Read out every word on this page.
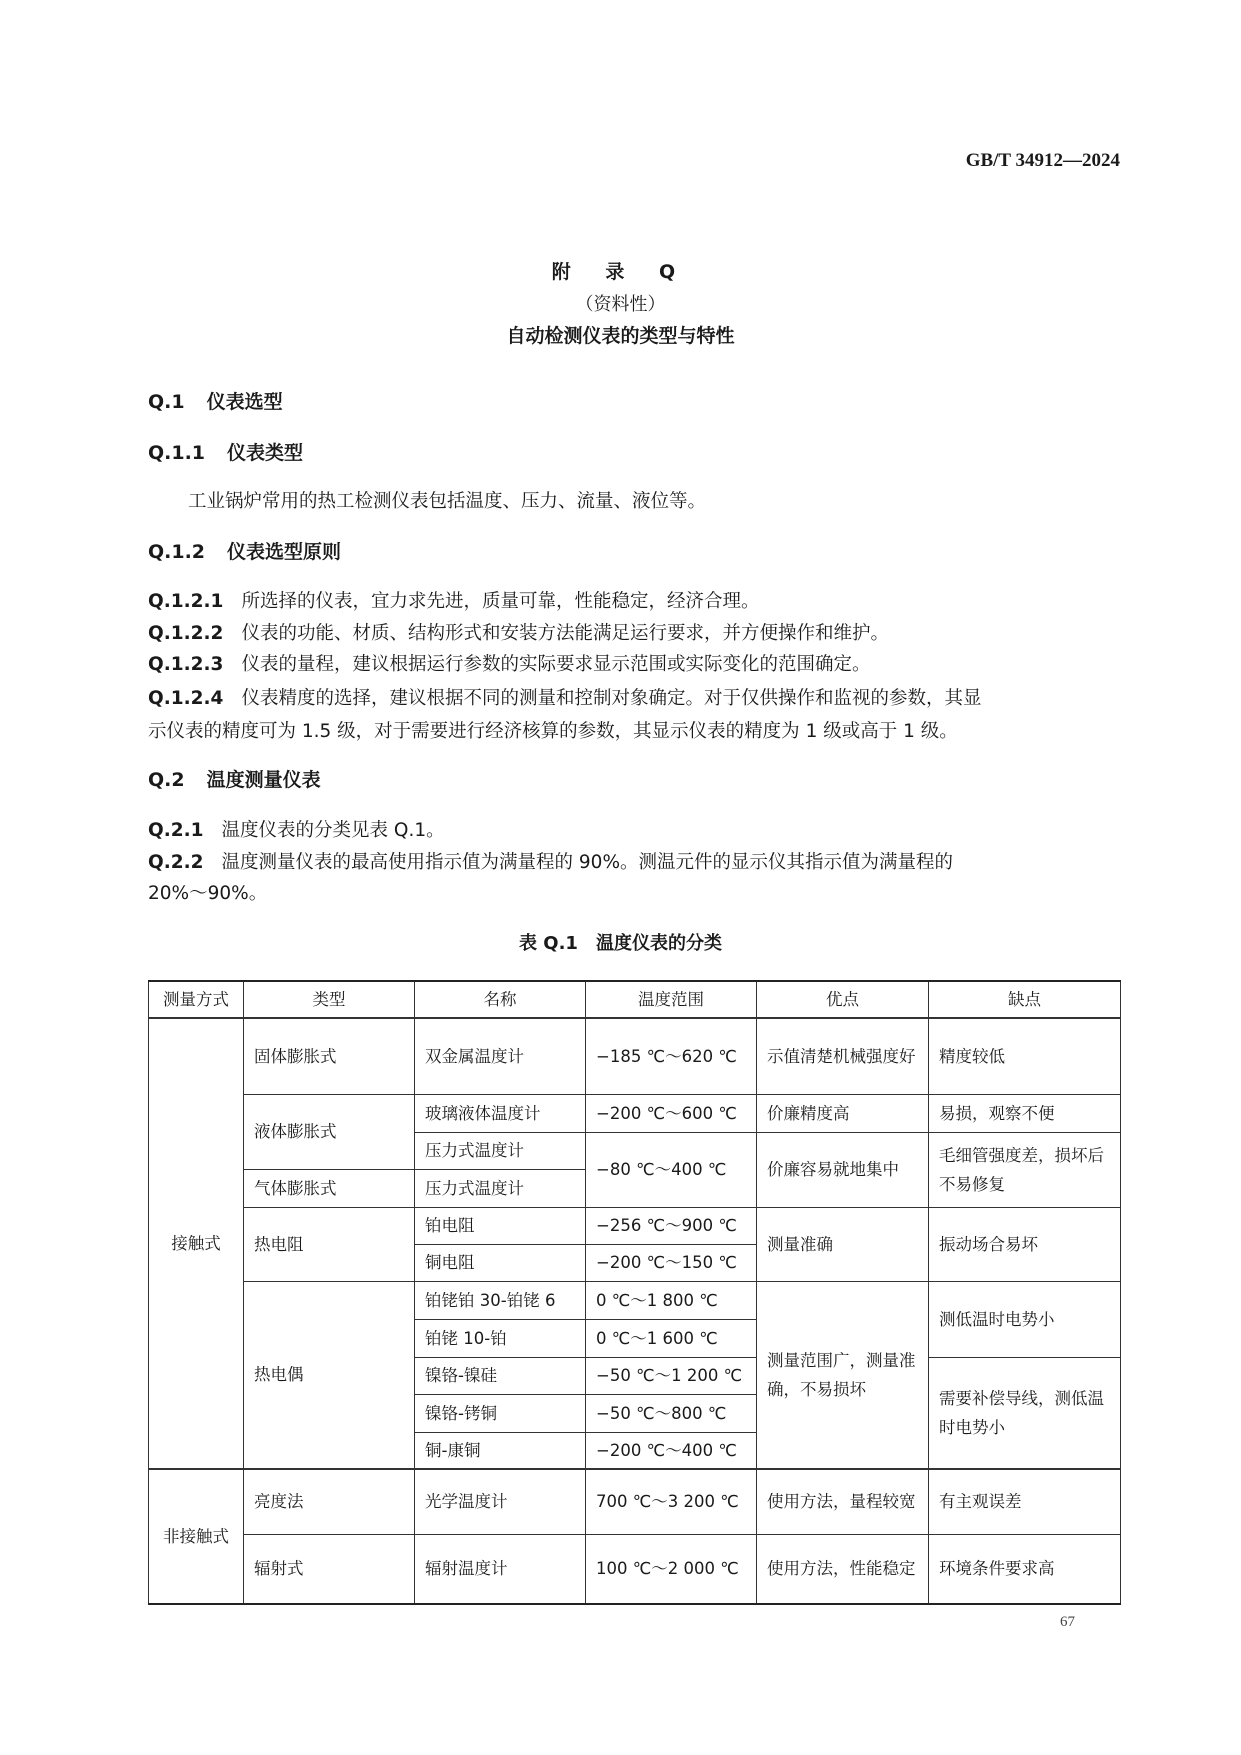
GB/T 34912—2024
附 录 Q
（资料性）
自动检测仪表的类型与特性
Q.1 仪表选型
Q.1.1 仪表类型
工业锅炉常用的热工检测仪表包括温度、压力、流量、液位等。
Q.1.2 仪表选型原则
Q.1.2.1 所选择的仪表，宜力求先进，质量可靠，性能稳定，经济合理。
Q.1.2.2 仪表的功能、材质、结构形式和安装方法能满足运行要求，并方便操作和维护。
Q.1.2.3 仪表的量程，建议根据运行参数的实际要求显示范围或实际变化的范围确定。
Q.1.2.4 仪表精度的选择，建议根据不同的测量和控制对象确定。对于仅供操作和监视的参数，其显
示仪表的精度可为 1.5 级，对于需要进行经济核算的参数，其显示仪表的精度为 1 级或高于 1 级。
Q.2 温度测量仪表
Q.2.1 温度仪表的分类见表 Q.1。
Q.2.2 温度测量仪表的最高使用指示值为满量程的 90%。测温元件的显示仪其指示值为满量程的
20%～90%。
表 Q.1　温度仪表的分类
测量方式	类型	名称	温度范围	优点	缺点
接触式	固体膨胀式	双金属温度计	−185 ℃～620 ℃	示值清楚机械强度好	精度较低
	液体膨胀式	玻璃液体温度计	−200 ℃～600 ℃	价廉精度高	易损，观察不便
		压力式温度计	−80 ℃～400 ℃	价廉容易就地集中	毛细管强度差，损坏后不易修复
	气体膨胀式	压力式温度计			
	热电阻	铂电阻	−256 ℃～900 ℃	测量准确	振动场合易坏
		铜电阻	−200 ℃～150 ℃		
	热电偶	铂铑铂 30-铂铑 6	0 ℃～1 800 ℃	测量范围广，测量准确，不易损坏	测低温时电势小
		铂铑 10-铂	0 ℃～1 600 ℃		
		镍铬-镍硅	−50 ℃～1 200 ℃		需要补偿导线，测低温时电势小
		镍铬-铐铜	−50 ℃～800 ℃		
		铜-康铜	−200 ℃～400 ℃		
非接触式	亮度法	光学温度计	700 ℃～3 200 ℃	使用方法，量程较宽	有主观误差
	辐射式	辐射温度计	100 ℃～2 000 ℃	使用方法，性能稳定	环境条件要求高
67
